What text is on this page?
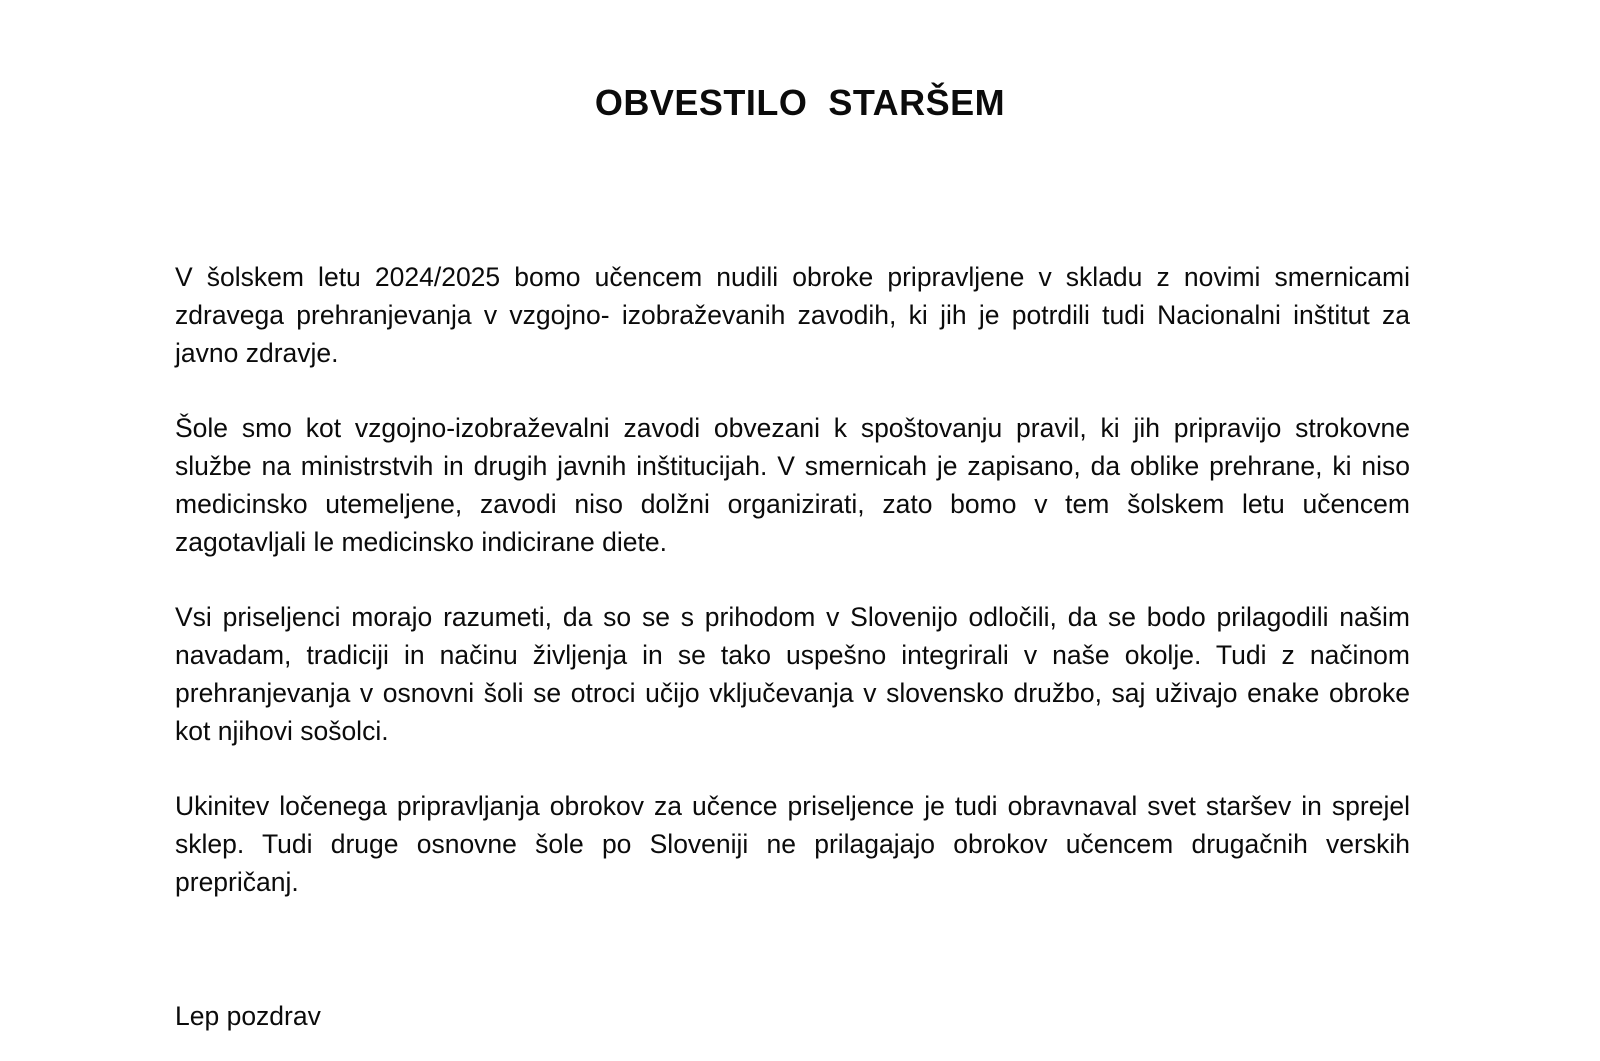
OBVESTILO  STARŠEM

V šolskem letu 2024/2025 bomo učencem nudili obroke pripravljene v skladu z novimi smernicami zdravega prehranjevanja v vzgojno- izobraževanih zavodih, ki jih je potrdili tudi Nacionalni inštitut za javno zdravje.

Šole smo kot vzgojno-izobraževalni zavodi obvezani k spoštovanju pravil, ki jih pripravijo strokovne službe na ministrstvih in drugih javnih inštitucijah. V smernicah je zapisano, da oblike prehrane, ki niso medicinsko utemeljene, zavodi niso dolžni organizirati, zato bomo v tem šolskem letu učencem zagotavljali le medicinsko indicirane diete.

Vsi priseljenci morajo razumeti, da so se s prihodom v Slovenijo odločili, da se bodo prilagodili našim navadam, tradiciji in načinu življenja in se tako uspešno integrirali v naše okolje. Tudi z načinom prehranjevanja v osnovni šoli se otroci učijo vključevanja v slovensko družbo, saj uživajo enake obroke kot njihovi sošolci.

Ukinitev ločenega pripravljanja obrokov za učence priseljence je tudi obravnaval svet staršev in sprejel sklep. Tudi druge osnovne šole po Sloveniji ne prilagajajo obrokov učencem drugačnih verskih prepričanj.

Lep pozdrav
